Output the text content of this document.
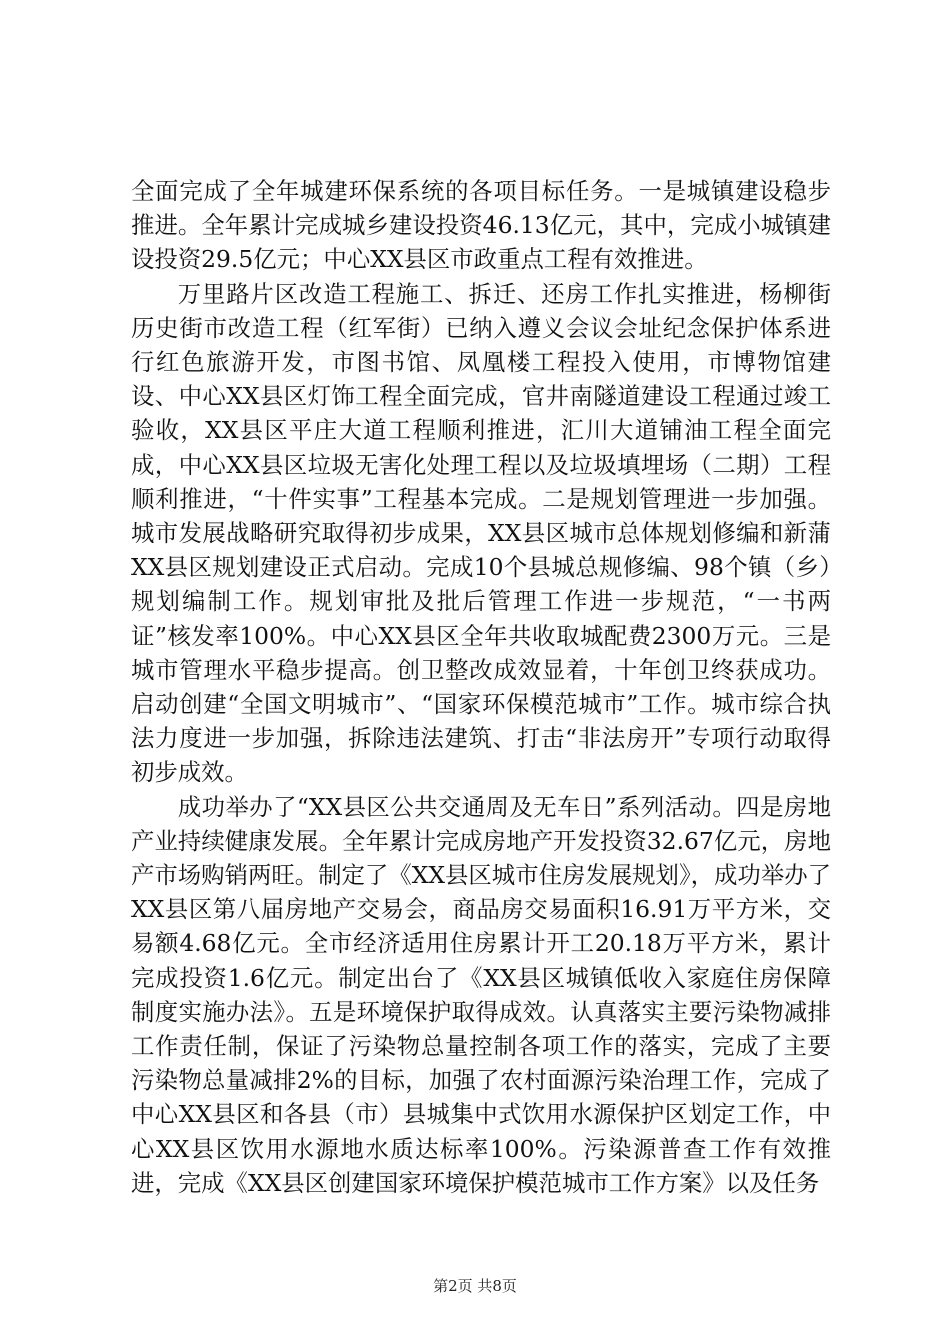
全面完成了全年城建环保系统的各项目标任务。一是城镇建设稳步推进。全年累计完成城乡建设投资46.13亿元，其中，完成小城镇建设投资29.5亿元；中心XX县区市政重点工程有效推进。

万里路片区改造工程施工、拆迁、还房工作扎实推进，杨柳街历史街市改造工程（红军街）已纳入遵义会议会址纪念保护体系进行红色旅游开发，市图书馆、凤凰楼工程投入使用，市博物馆建设、中心XX县区灯饰工程全面完成，官井南隧道建设工程通过竣工验收，XX县区平庄大道工程顺利推进，汇川大道铺油工程全面完成，中心XX县区垃圾无害化处理工程以及垃圾填埋场（二期）工程顺利推进，“十件实事”工程基本完成。二是规划管理进一步加强。城市发展战略研究取得初步成果，XX县区城市总体规划修编和新蒲XX县区规划建设正式启动。完成10个县城总规修编、98个镇（乡）规划编制工作。规划审批及批后管理工作进一步规范，“一书两证”核发率100%。中心XX县区全年共收取城配费2300万元。三是城市管理水平稳步提高。创卫整改成效显着，十年创卫终获成功。启动创建“全国文明城市”、“国家环保模范城市”工作。城市综合执法力度进一步加强，拆除违法建筑、打击“非法房开”专项行动取得初步成效。

成功举办了“XX县区公共交通周及无车日”系列活动。四是房地产业持续健康发展。全年累计完成房地产开发投资32.67亿元，房地产市场购销两旺。制定了《XX县区城市住房发展规划》，成功举办了XX县区第八届房地产交易会，商品房交易面积16.91万平方米，交易额4.68亿元。全市经济适用住房累计开工20.18万平方米，累计完成投资1.6亿元。制定出台了《XX县区城镇低收入家庭住房保障制度实施办法》。五是环境保护取得成效。认真落实主要污染物减排工作责任制，保证了污染物总量控制各项工作的落实，完成了主要污染物总量减排2%的目标，加强了农村面源污染治理工作，完成了中心XX县区和各县（市）县城集中式饮用水源保护区划定工作，中心XX县区饮用水源地水质达标率100%。污染源普查工作有效推进，完成《XX县区创建国家环境保护模范城市工作方案》以及任务

第2页 共8页
